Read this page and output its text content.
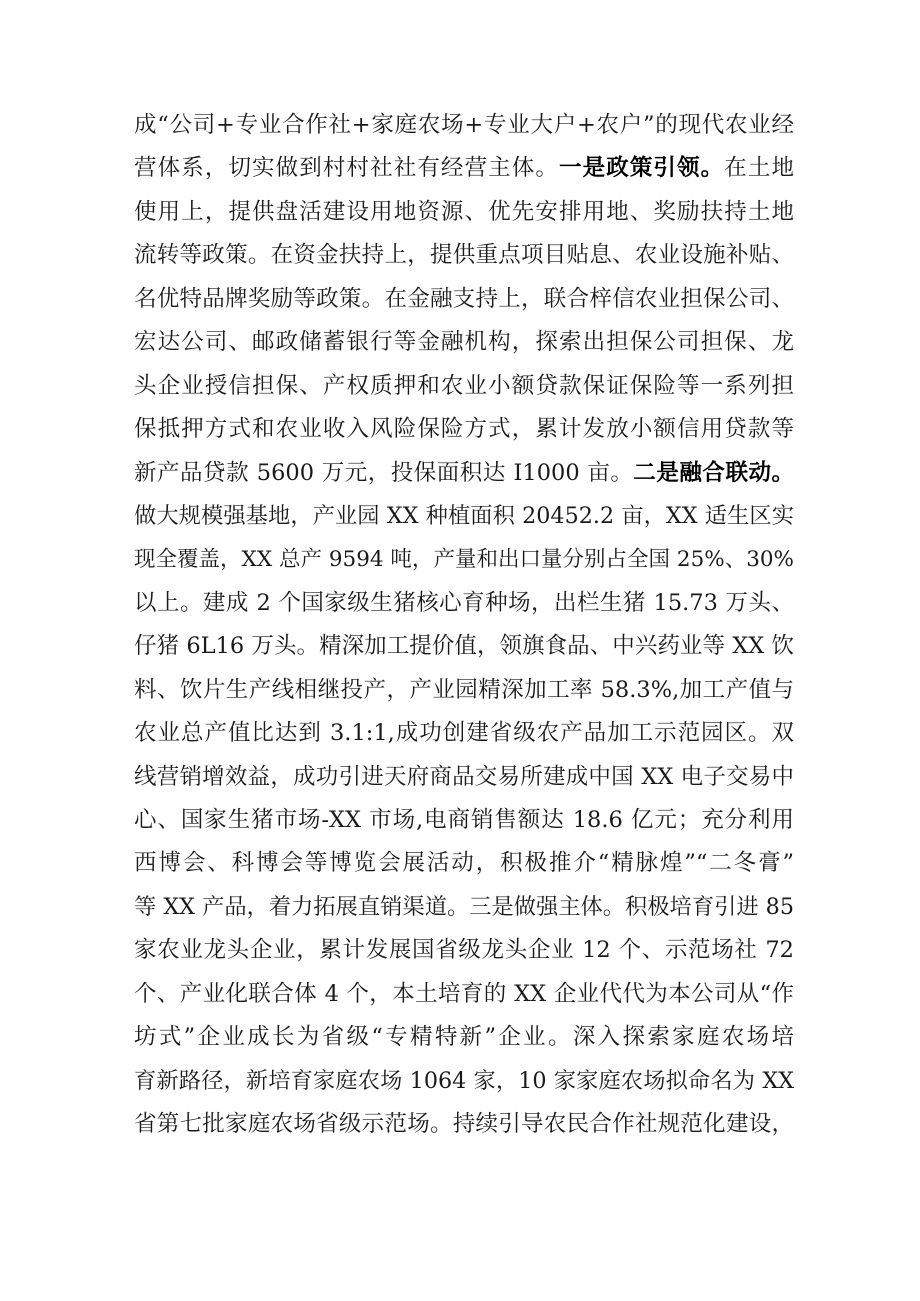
成“公司+专业合作社+家庭农场+专业大户+农户”的现代农业经
营体系，切实做到村村社社有经营主体。一是政策引领。在土地
使用上，提供盘活建设用地资源、优先安排用地、奖励扶持土地
流转等政策。在资金扶持上，提供重点项目贴息、农业设施补贴、
名优特品牌奖励等政策。在金融支持上，联合梓信农业担保公司、
宏达公司、邮政储蓄银行等金融机构，探索出担保公司担保、龙
头企业授信担保、产权质押和农业小额贷款保证保险等一系列担
保抵押方式和农业收入风险保险方式，累计发放小额信用贷款等
新产品贷款 5600 万元，投保面积达 I1000 亩。二是融合联动。
做大规模强基地，产业园 XX 种植面积 20452.2 亩，XX 适生区实
现全覆盖，XX 总产 9594 吨，产量和出口量分别占全国 25%、30%
以上。建成 2 个国家级生猪核心育种场，出栏生猪 15.73 万头、
仔猪 6L16 万头。精深加工提价值，领旗食品、中兴药业等 XX 饮
料、饮片生产线相继投产，产业园精深加工率 58.3%,加工产值与
农业总产值比达到 3.1:1,成功创建省级农产品加工示范园区。双
线营销增效益，成功引进天府商品交易所建成中国 XX 电子交易中
心、国家生猪市场-XX 市场,电商销售额达 18.6 亿元；充分利用
西博会、科博会等博览会展活动，积极推介“精脉煌”“二冬膏”
等 XX 产品，着力拓展直销渠道。三是做强主体。积极培育引进 85
家农业龙头企业，累计发展国省级龙头企业 12 个、示范场社 72
个、产业化联合体 4 个，本土培育的 XX 企业代代为本公司从“作
坊式”企业成长为省级“专精特新”企业。深入探索家庭农场培
育新路径，新培育家庭农场 1064 家，10 家家庭农场拟命名为 XX
省第七批家庭农场省级示范场。持续引导农民合作社规范化建设，
